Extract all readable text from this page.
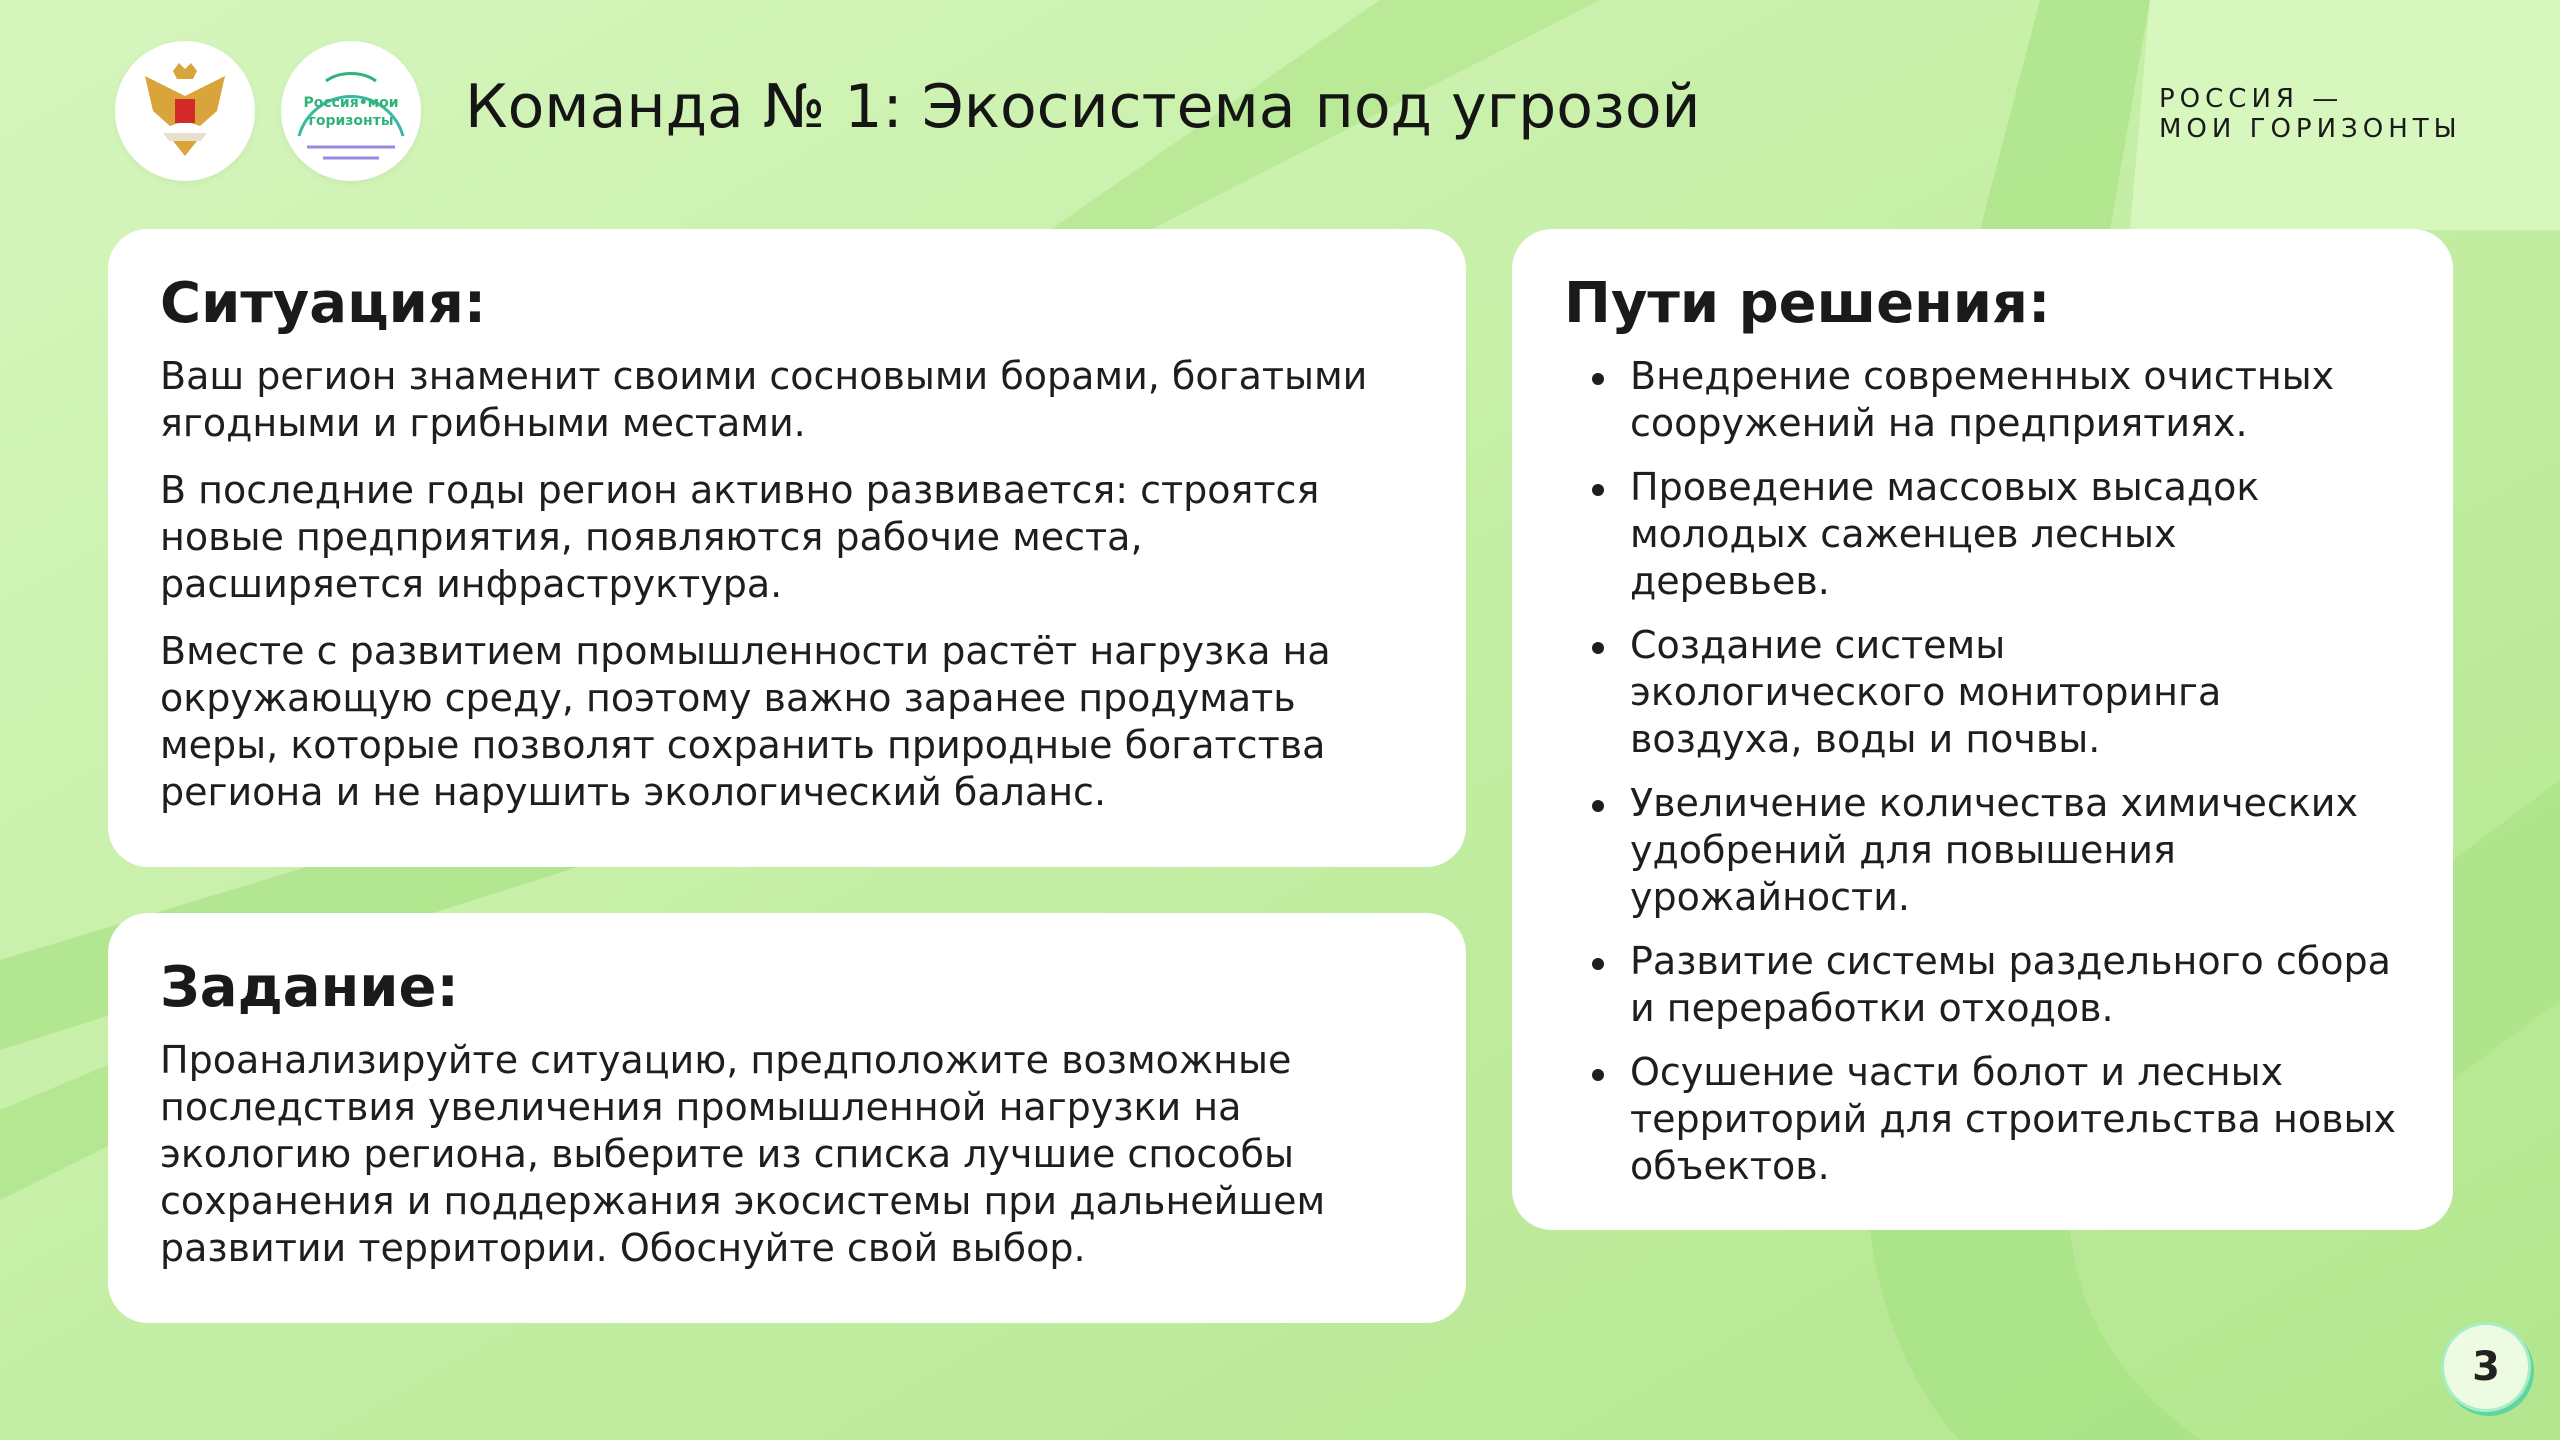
Россия•мои
горизонты Команда № 1: Экосистема под угрозой	РОССИЯ —
МОИ ГОРИЗОНТЫ
Ситуация:

Ваш регион знаменит своими сосновыми борами, богатыми ягодными и грибными местами.

В последние годы регион активно развивается: строятся новые предприятия, появляются рабочие места, расширяется инфраструктура.

Вместе с развитием промышленности растёт нагрузка на окружающую среду, поэтому важно заранее продумать меры, которые позволят сохранить природные богатства региона и не нарушить экологический баланс.

Задание:

Проанализируйте ситуацию, предположите возможные последствия увеличения промышленной нагрузки на экологию региона, выберите из списка лучшие способы сохранения и поддержания экосистемы при дальнейшем развитии территории. Обоснуйте свой выбор.

Пути решения:
Внедрение современных очистных сооружений на предприятиях.
Проведение массовых высадок молодых саженцев лесных деревьев.
Создание системы экологического мониторинга воздуха, воды и почвы.
Увеличение количества химических удобрений для повышения урожайности.
Развитие системы раздельного сбора и переработки отходов.
Осушение части болот и лесных территорий для строительства новых объектов.
3
